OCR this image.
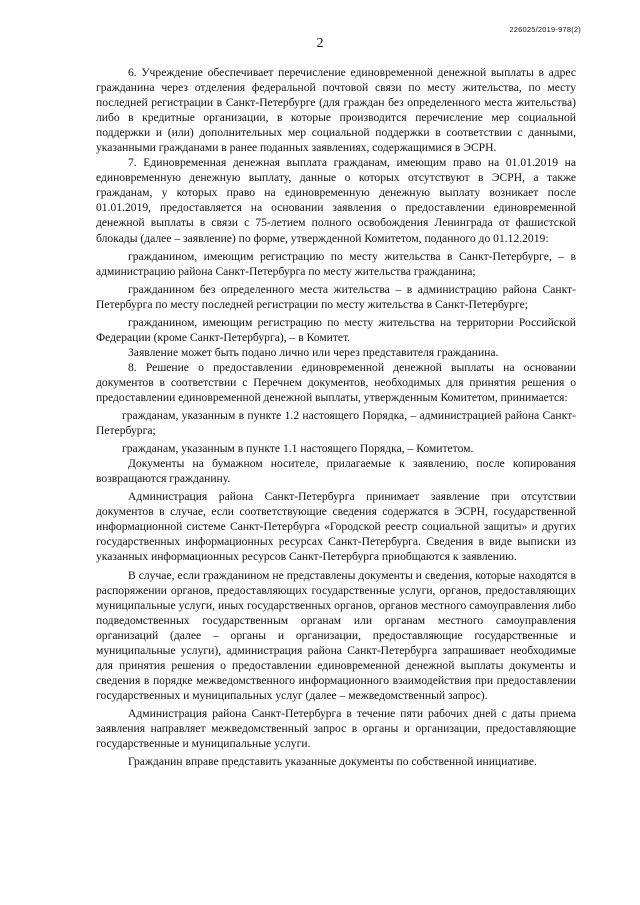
226025/2019-978(2)
2

6. Учреждение обеспечивает перечисление единовременной денежной выплаты в адрес гражданина через отделения федеральной почтовой связи по месту жительства, по месту последней регистрации в Санкт-Петербурге (для граждан без определенного места жительства) либо в кредитные организации, в которые производится перечисление мер социальной поддержки и (или) дополнительных мер социальной поддержки в соответствии с данными, указанными гражданами в ранее поданных заявлениях, содержащимися в ЭСРН.

7. Единовременная денежная выплата гражданам, имеющим право на 01.01.2019 на единовременную денежную выплату, данные о которых отсутствуют в ЭСРН, а также гражданам, у которых право на единовременную денежную выплату возникает после 01.01.2019, предоставляется на основании заявления о предоставлении единовременной денежной выплаты в связи с 75-летием полного освобождения Ленинграда от фашистской блокады (далее – заявление) по форме, утвержденной Комитетом, поданного до 01.12.2019:

гражданином, имеющим регистрацию по месту жительства в Санкт-Петербурге, – в администрацию района Санкт-Петербурга по месту жительства гражданина;

гражданином без определенного места жительства – в администрацию района Санкт-Петербурга по месту последней регистрации по месту жительства в Санкт-Петербурге;

гражданином, имеющим регистрацию по месту жительства на территории Российской Федерации (кроме Санкт-Петербурга), – в Комитет.

Заявление может быть подано лично или через представителя гражданина.

8. Решение о предоставлении единовременной денежной выплаты на основании документов в соответствии с Перечнем документов, необходимых для принятия решения о предоставлении единовременной денежной выплаты, утвержденным Комитетом, принимается:

гражданам, указанным в пункте 1.2 настоящего Порядка, – администрацией района Санкт-Петербурга;

гражданам, указанным в пункте 1.1 настоящего Порядка, – Комитетом.

Документы на бумажном носителе, прилагаемые к заявлению, после копирования возвращаются гражданину.

Администрация района Санкт-Петербурга принимает заявление при отсутствии документов в случае, если соответствующие сведения содержатся в ЭСРН, государственной информационной системе Санкт-Петербурга «Городской реестр социальной защиты» и других государственных информационных ресурсах Санкт-Петербурга. Сведения в виде выписки из указанных информационных ресурсов Санкт-Петербурга приобщаются к заявлению.

В случае, если гражданином не представлены документы и сведения, которые находятся в распоряжении органов, предоставляющих государственные услуги, органов, предоставляющих муниципальные услуги, иных государственных органов, органов местного самоуправления либо подведомственных государственным органам или органам местного самоуправления организаций (далее – органы и организации, предоставляющие государственные и муниципальные услуги), администрация района Санкт-Петербурга запрашивает необходимые для принятия решения о предоставлении единовременной денежной выплаты документы и сведения в порядке межведомственного информационного взаимодействия при предоставлении государственных и муниципальных услуг (далее – межведомственный запрос).

Администрация района Санкт-Петербурга в течение пяти рабочих дней с даты приема заявления направляет межведомственный запрос в органы и организации, предоставляющие государственные и муниципальные услуги.

Гражданин вправе представить указанные документы по собственной инициативе.
